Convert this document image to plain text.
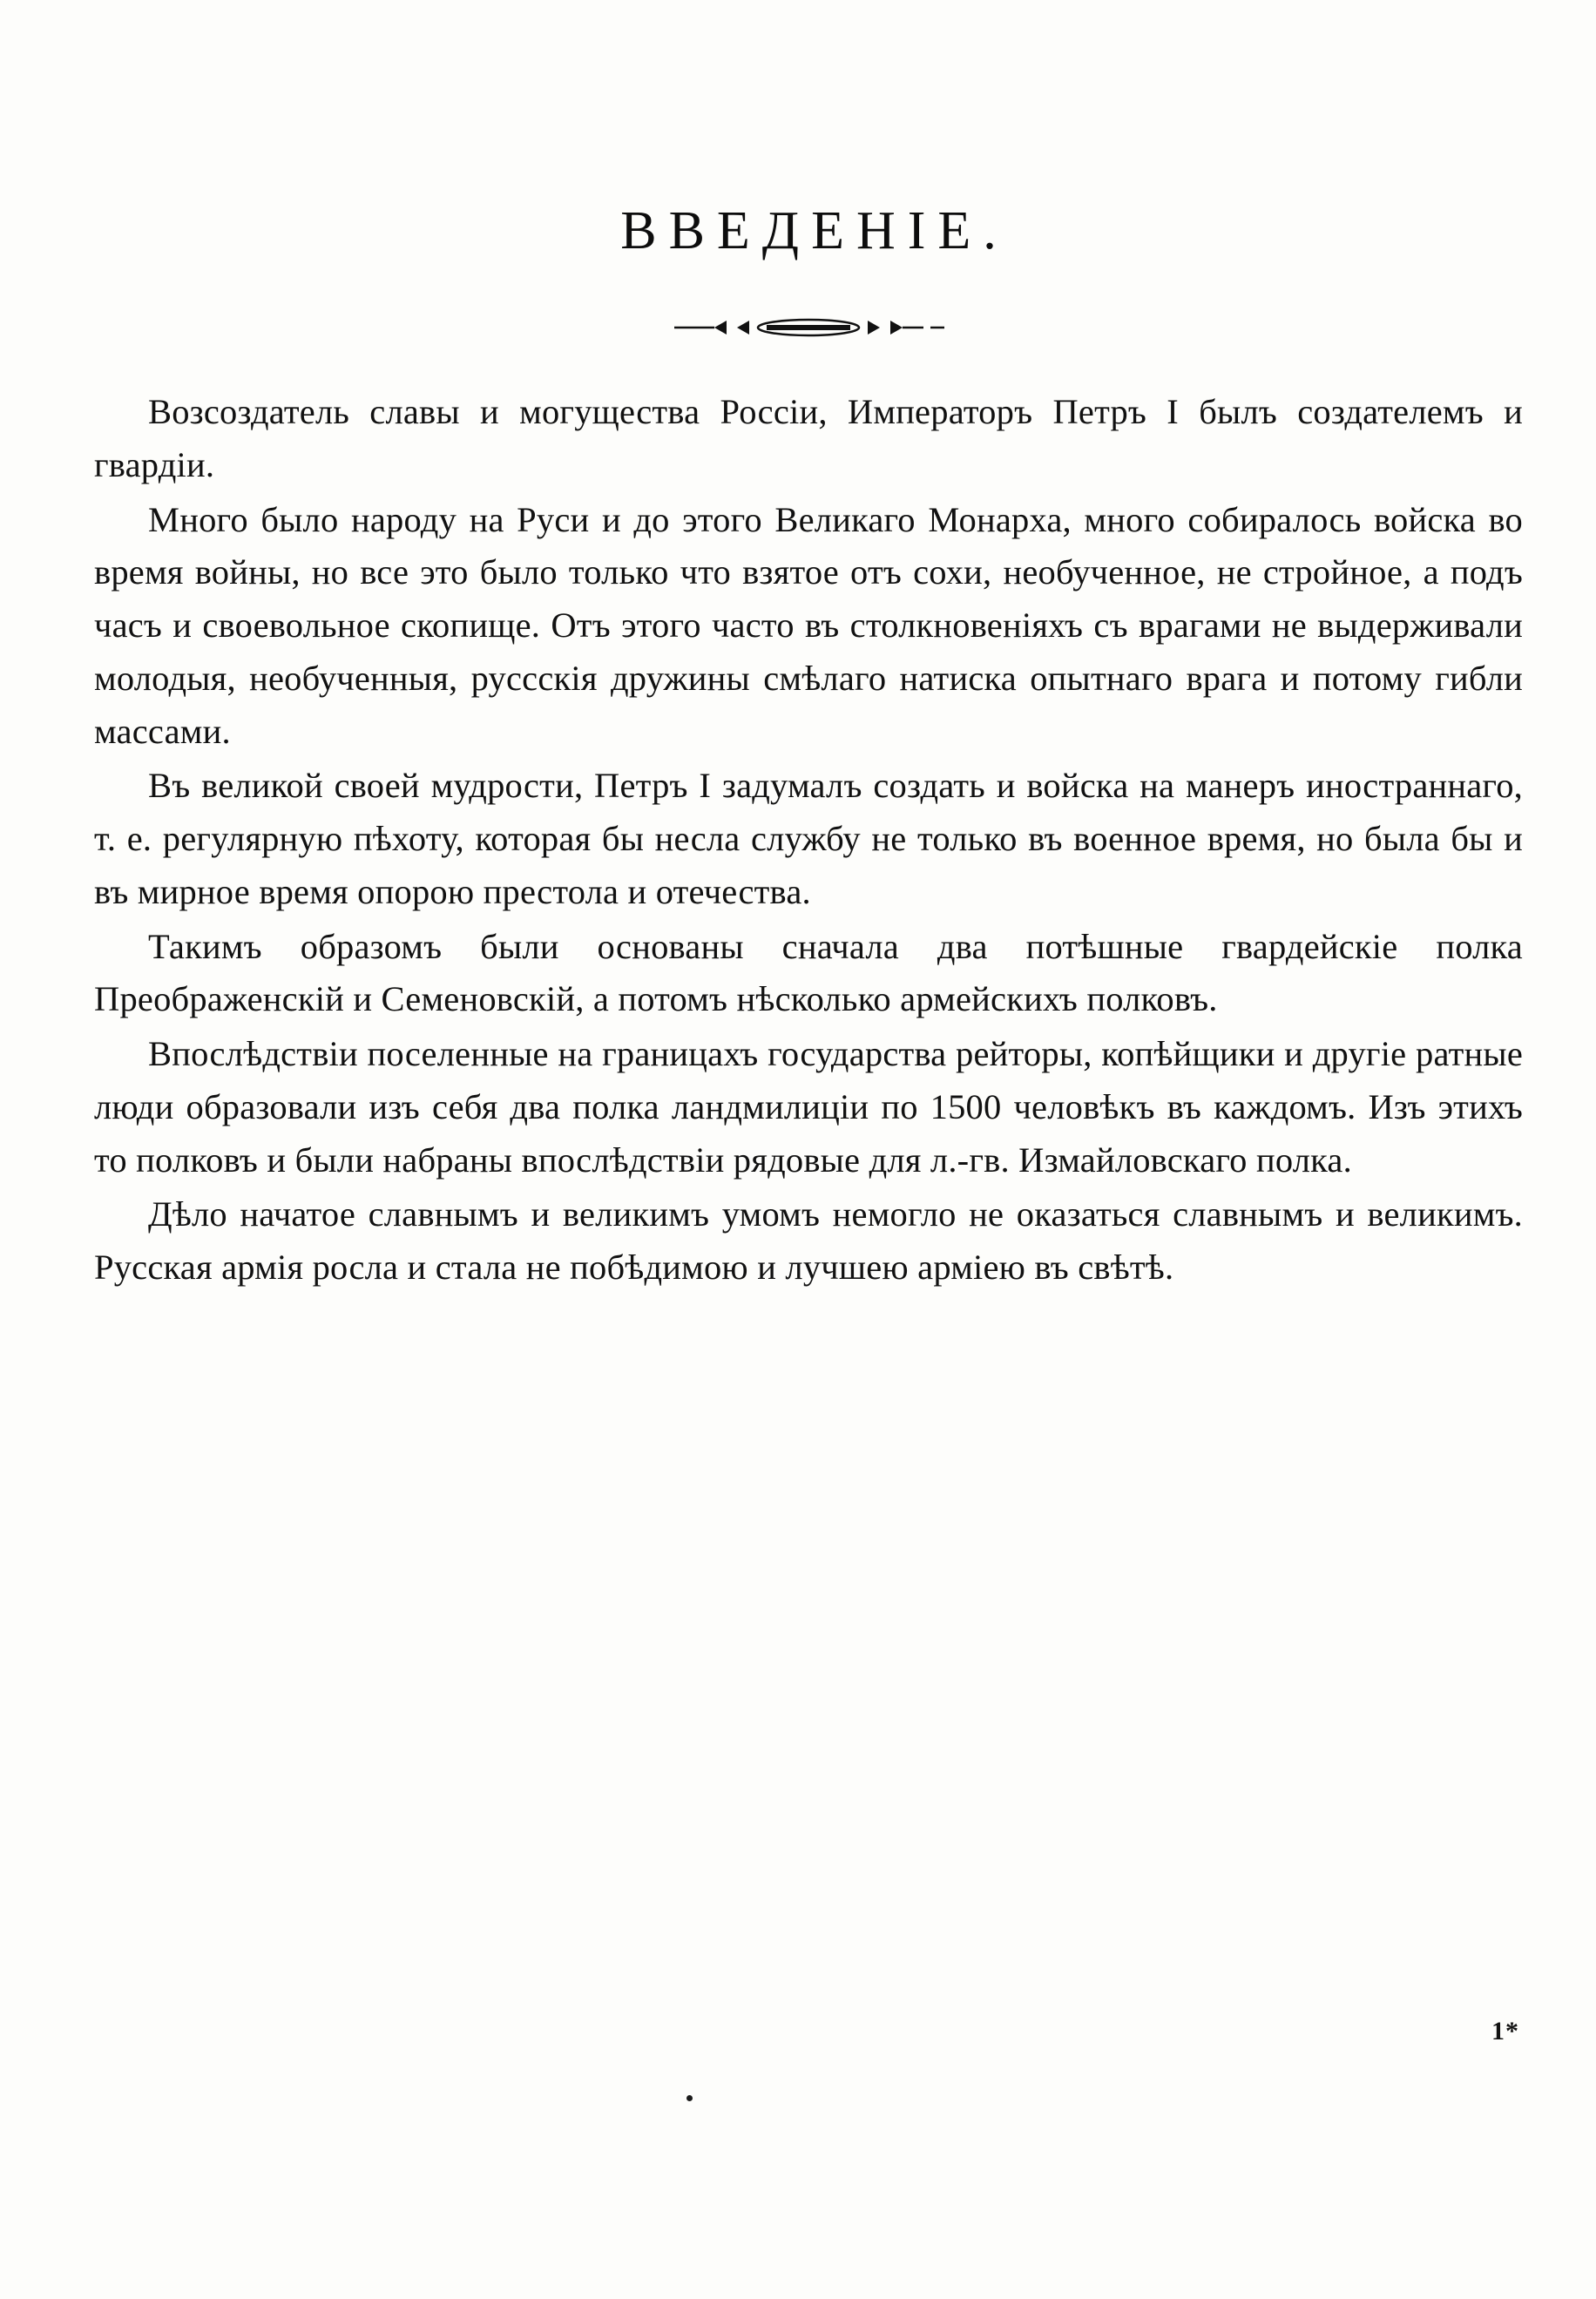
ВВЕДЕНІЕ.

Возсоздатель славы и могущества Россіи, Императоръ Петръ I былъ создателемъ и гвардіи.

Много было народу на Руси и до этого Великаго Монарха, много собиралось войска во время войны, но все это было только что взятое отъ сохи, необученное, не стройное, а подъ часъ и своевольное скопище. Отъ этого часто въ столкновеніяхъ съ врагами не выдерживали молодыя, необученныя, руссскія дружины смѣлаго натиска опытнаго врага и потому гибли массами.

Въ великой своей мудрости, Петръ I задумалъ создать и войска на манеръ иностраннаго, т. е. регулярную пѣхоту, которая бы несла службу не только въ военное время, но была бы и въ мирное время опорою престола и отечества.

Такимъ образомъ были основаны сначала два потѣшные гвардейскіе полка Преображенскій и Семеновскій, а потомъ нѣсколько армейскихъ полковъ.

Впослѣдствіи поселенные на границахъ государства рейторы, копѣйщики и другіе ратные люди образовали изъ себя два полка ландмилиціи по 1500 человѣкъ въ каждомъ. Изъ этихъ то полковъ и были набраны впослѣдствіи рядовые для л.-гв. Измайловскаго полка.

Дѣло начатое славнымъ и великимъ умомъ немогло не оказаться славнымъ и великимъ. Русская армія росла и стала не побѣдимою и лучшею арміею въ свѣтѣ.

1*
